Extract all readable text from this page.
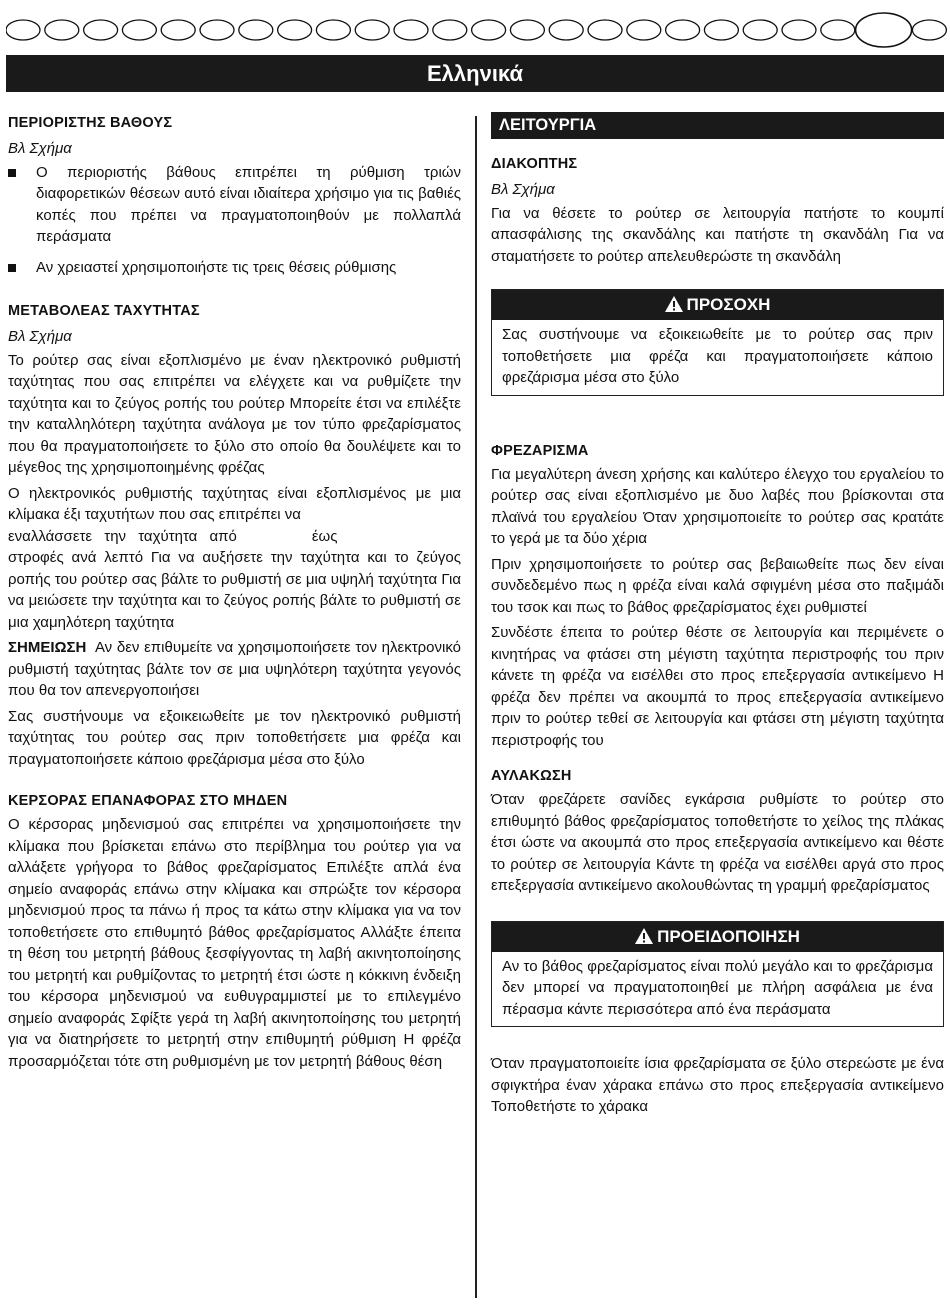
Ελληνικά
ΠΕΡΙΟΡΙΣΤΗΣ ΒΑΘΟΥΣ

Βλ Σχήμα

Ο περιοριστής βάθους επιτρέπει τη ρύθμιση τριών διαφορετικών θέσεων αυτό είναι ιδιαίτερα χρήσιμο για τις βαθιές κοπές που πρέπει να πραγματοποιηθούν με πολλαπλά περάσματα
Αν χρειαστεί χρησιμοποιήστε τις τρεις θέσεις ρύθμισης
ΜΕΤΑΒΟΛΕΑΣ ΤΑΧΥΤΗΤΑΣ

Βλ Σχήμα

Το ρούτερ σας είναι εξοπλισμένο με έναν ηλεκτρονικό ρυθμιστή ταχύτητας που σας επιτρέπει να ελέγχετε και να ρυθμίζετε την ταχύτητα και το ζεύγος ροπής του ρούτερ Μπορείτε έτσι να επιλέξτε την καταλληλότερη ταχύτητα ανάλογα με τον τύπο φρεζαρίσματος που θα πραγματοποιήσετε το ξύλο στο οποίο θα δουλέψετε και το μέγεθος της χρησιμοποιημένης φρέζας

Ο ηλεκτρονικός ρυθμιστής ταχύτητας είναι εξοπλισμένος με μια κλίμακα έξι ταχυτήτων που σας επιτρέπει να

εναλλάσσετε την ταχύτητα από	έως

στροφές ανά λεπτό Για να αυξήσετε την ταχύτητα και το ζεύγος ροπής του ρούτερ σας βάλτε το ρυθμιστή σε μια υψηλή ταχύτητα Για να μειώσετε την ταχύτητα και το ζεύγος ροπής βάλτε το ρυθμιστή σε μια χαμηλότερη ταχύτητα

ΣΗΜΕΙΩΣΗ Αν δεν επιθυμείτε να χρησιμοποιήσετε τον ηλεκτρονικό ρυθμιστή ταχύτητας βάλτε τον σε μια υψηλότερη ταχύτητα γεγονός που θα τον απενεργοποιήσει

Σας συστήνουμε να εξοικειωθείτε με τον ηλεκτρονικό ρυθμιστή ταχύτητας του ρούτερ σας πριν τοποθετήσετε μια φρέζα και πραγματοποιήσετε κάποιο φρεζάρισμα μέσα στο ξύλο

ΚΕΡΣΟΡΑΣ ΕΠΑΝΑΦΟΡΑΣ ΣΤΟ ΜΗΔΕΝ

Ο κέρσορας μηδενισμού σας επιτρέπει να χρησιμοποιήσετε την κλίμακα που βρίσκεται επάνω στο περίβλημα του ρούτερ για να αλλάξετε γρήγορα το βάθος φρεζαρίσματος Επιλέξτε απλά ένα σημείο αναφοράς επάνω στην κλίμακα και σπρώξτε τον κέρσορα μηδενισμού προς τα πάνω ή προς τα κάτω στην κλίμακα για να τον τοποθετήσετε στο επιθυμητό βάθος φρεζαρίσματος Αλλάξτε έπειτα τη θέση του μετρητή βάθους ξεσφίγγοντας τη λαβή ακινητοποίησης του μετρητή και ρυθμίζοντας το μετρητή έτσι ώστε η κόκκινη ένδειξη του κέρσορα μηδενισμού να ευθυγραμμιστεί με το επιλεγμένο σημείο αναφοράς Σφίξτε γερά τη λαβή ακινητοποίησης του μετρητή για να διατηρήσετε το μετρητή στην επιθυμητή ρύθμιση Η φρέζα προσαρμόζεται τότε στη ρυθμισμένη με τον μετρητή βάθους θέση

ΛΕΙΤΟΥΡΓΙΑ
ΔΙΑΚΟΠΤΗΣ

Βλ Σχήμα

Για να θέσετε το ρούτερ σε λειτουργία πατήστε το κουμπί απασφάλισης της σκανδάλης και πατήστε τη σκανδάλη Για να σταματήσετε το ρούτερ απελευθερώστε τη σκανδάλη

ΠΡΟΣΟΧΗ

Σας συστήνουμε να εξοικειωθείτε με το ρούτερ σας πριν τοποθετήσετε μια φρέζα και πραγματοποιήσετε κάποιο φρεζάρισμα μέσα στο ξύλο

ΦΡΕΖΑΡΙΣΜΑ

Για μεγαλύτερη άνεση χρήσης και καλύτερο έλεγχο του εργαλείου το ρούτερ σας είναι εξοπλισμένο με δυο λαβές που βρίσκονται στα πλαϊνά του εργαλείου Όταν χρησιμοποιείτε το ρούτερ σας κρατάτε το γερά με τα δύο χέρια

Πριν χρησιμοποιήσετε το ρούτερ σας βεβαιωθείτε πως δεν είναι συνδεδεμένο πως η φρέζα είναι καλά σφιγμένη μέσα στο παξιμάδι του τσοκ και πως το βάθος φρεζαρίσματος έχει ρυθμιστεί

Συνδέστε έπειτα το ρούτερ θέστε σε λειτουργία και περιμένετε ο κινητήρας να φτάσει στη μέγιστη ταχύτητα περιστροφής του πριν κάνετε τη φρέζα να εισέλθει στο προς επεξεργασία αντικείμενο Η φρέζα δεν πρέπει να ακουμπά το προς επεξεργασία αντικείμενο πριν το ρούτερ τεθεί σε λειτουργία και φτάσει στη μέγιστη ταχύτητα περιστροφής του

ΑΥΛΑΚΩΣΗ

Όταν φρεζάρετε σανίδες εγκάρσια ρυθμίστε το ρούτερ στο επιθυμητό βάθος φρεζαρίσματος τοποθετήστε το χείλος της πλάκας έτσι ώστε να ακουμπά στο προς επεξεργασία αντικείμενο και θέστε το ρούτερ σε λειτουργία Κάντε τη φρέζα να εισέλθει αργά στο προς επεξεργασία αντικείμενο ακολουθώντας τη γραμμή φρεζαρίσματος

ΠΡΟΕΙΔΟΠΟΙΗΣΗ

Αν το βάθος φρεζαρίσματος είναι πολύ μεγάλο και το φρεζάρισμα δεν μπορεί να πραγματοποιηθεί με πλήρη ασφάλεια με ένα πέρασμα κάντε περισσότερα από ένα περάσματα

Όταν πραγματοποιείτε ίσια φρεζαρίσματα σε ξύλο στερεώστε με ένα σφιγκτήρα έναν χάρακα επάνω στο προς επεξεργασία αντικείμενο Τοποθετήστε το χάρακα
